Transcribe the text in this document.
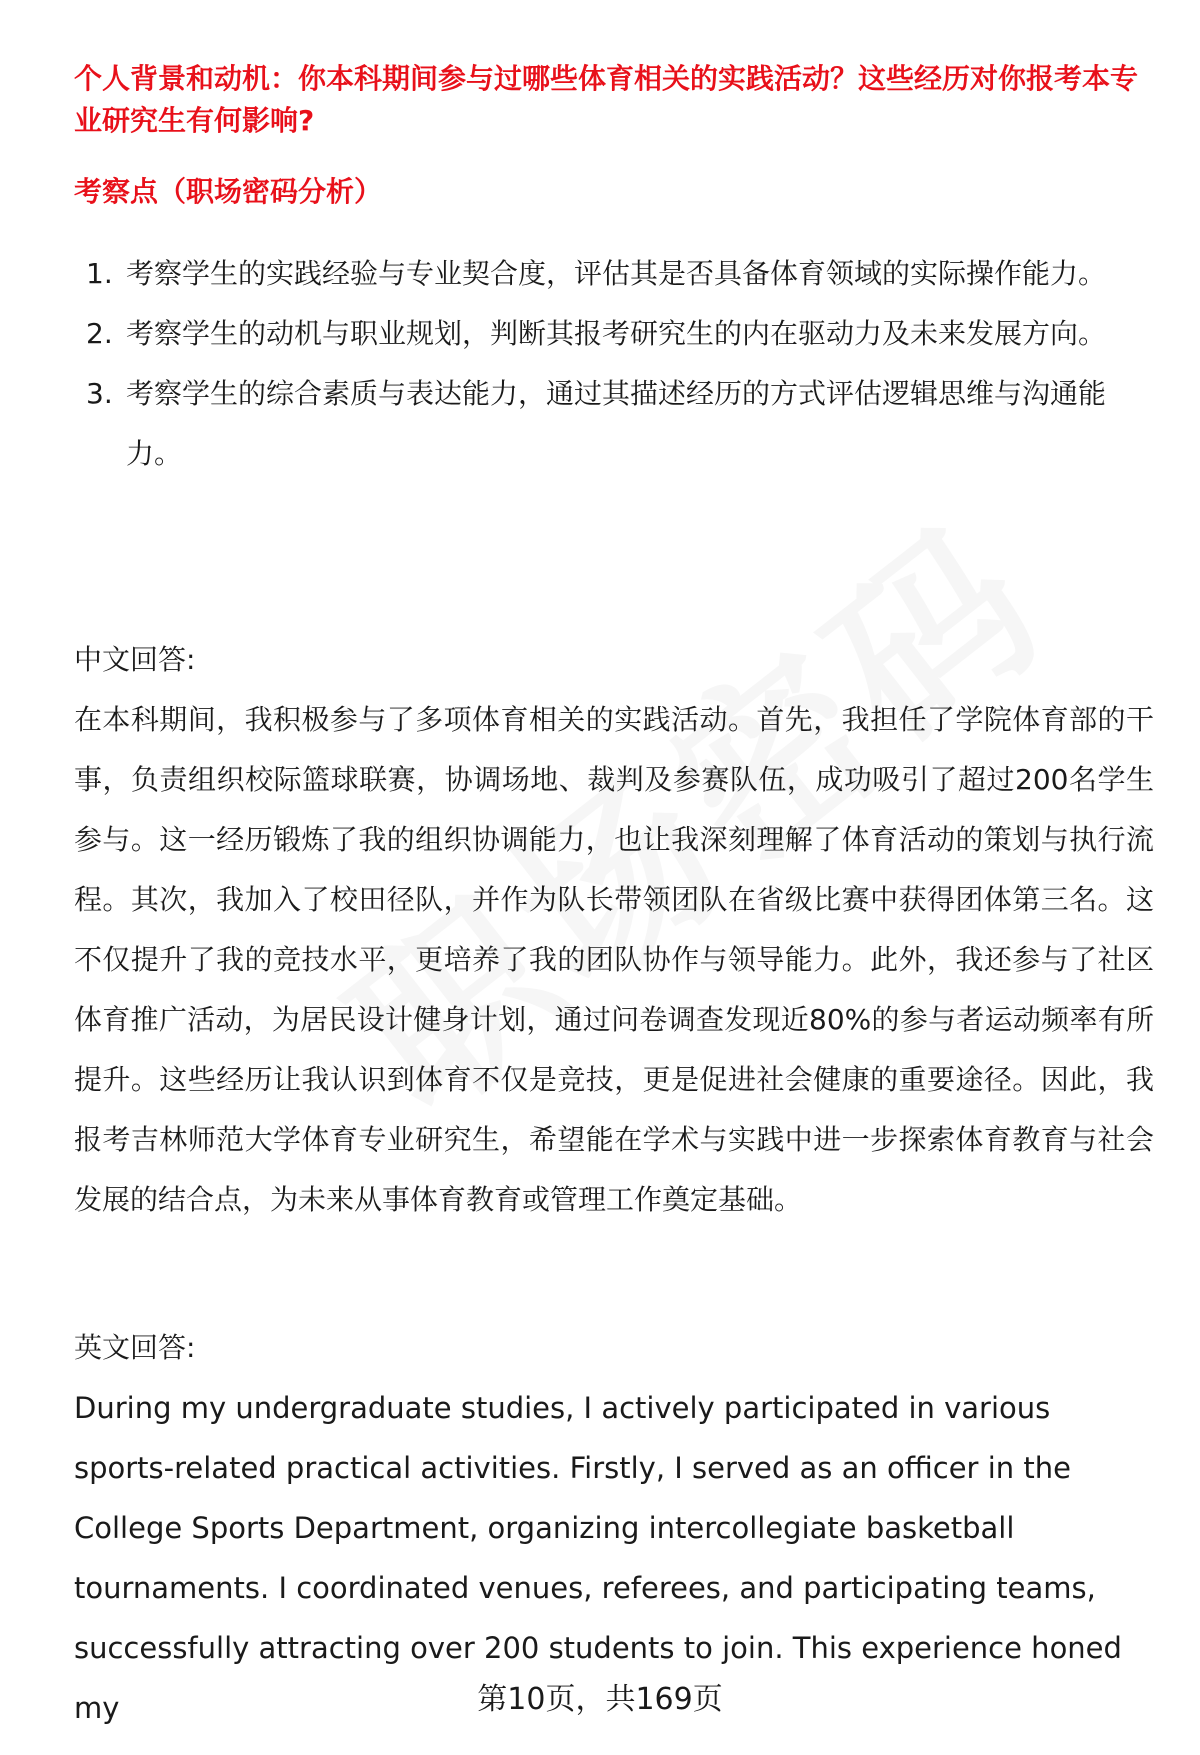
个人背景和动机：你本科期间参与过哪些体育相关的实践活动？这些经历对你报考本专业研究生有何影响?
考察点（职场密码分析）
1. 考察学生的实践经验与专业契合度，评估其是否具备体育领域的实际操作能力。
2. 考察学生的动机与职业规划，判断其报考研究生的内在驱动力及未来发展方向。
3. 考察学生的综合素质与表达能力，通过其描述经历的方式评估逻辑思维与沟通能力。
中文回答:
在本科期间，我积极参与了多项体育相关的实践活动。首先，我担任了学院体育部的干事，负责组织校际篮球联赛，协调场地、裁判及参赛队伍，成功吸引了超过200名学生参与。这一经历锻炼了我的组织协调能力，也让我深刻理解了体育活动的策划与执行流程。其次，我加入了校田径队，并作为队长带领团队在省级比赛中获得团体第三名。这不仅提升了我的竞技水平，更培养了我的团队协作与领导能力。此外，我还参与了社区体育推广活动，为居民设计健身计划，通过问卷调查发现近80%的参与者运动频率有所提升。这些经历让我认识到体育不仅是竞技，更是促进社会健康的重要途径。因此，我报考吉林师范大学体育专业研究生，希望能在学术与实践中进一步探索体育教育与社会发展的结合点，为未来从事体育教育或管理工作奠定基础。
英文回答:
During my undergraduate studies, I actively participated in various sports-related practical activities. Firstly, I served as an officer in the College Sports Department, organizing intercollegiate basketball tournaments. I coordinated venues, referees, and participating teams, successfully attracting over 200 students to join. This experience honed my	第10页，共169页
